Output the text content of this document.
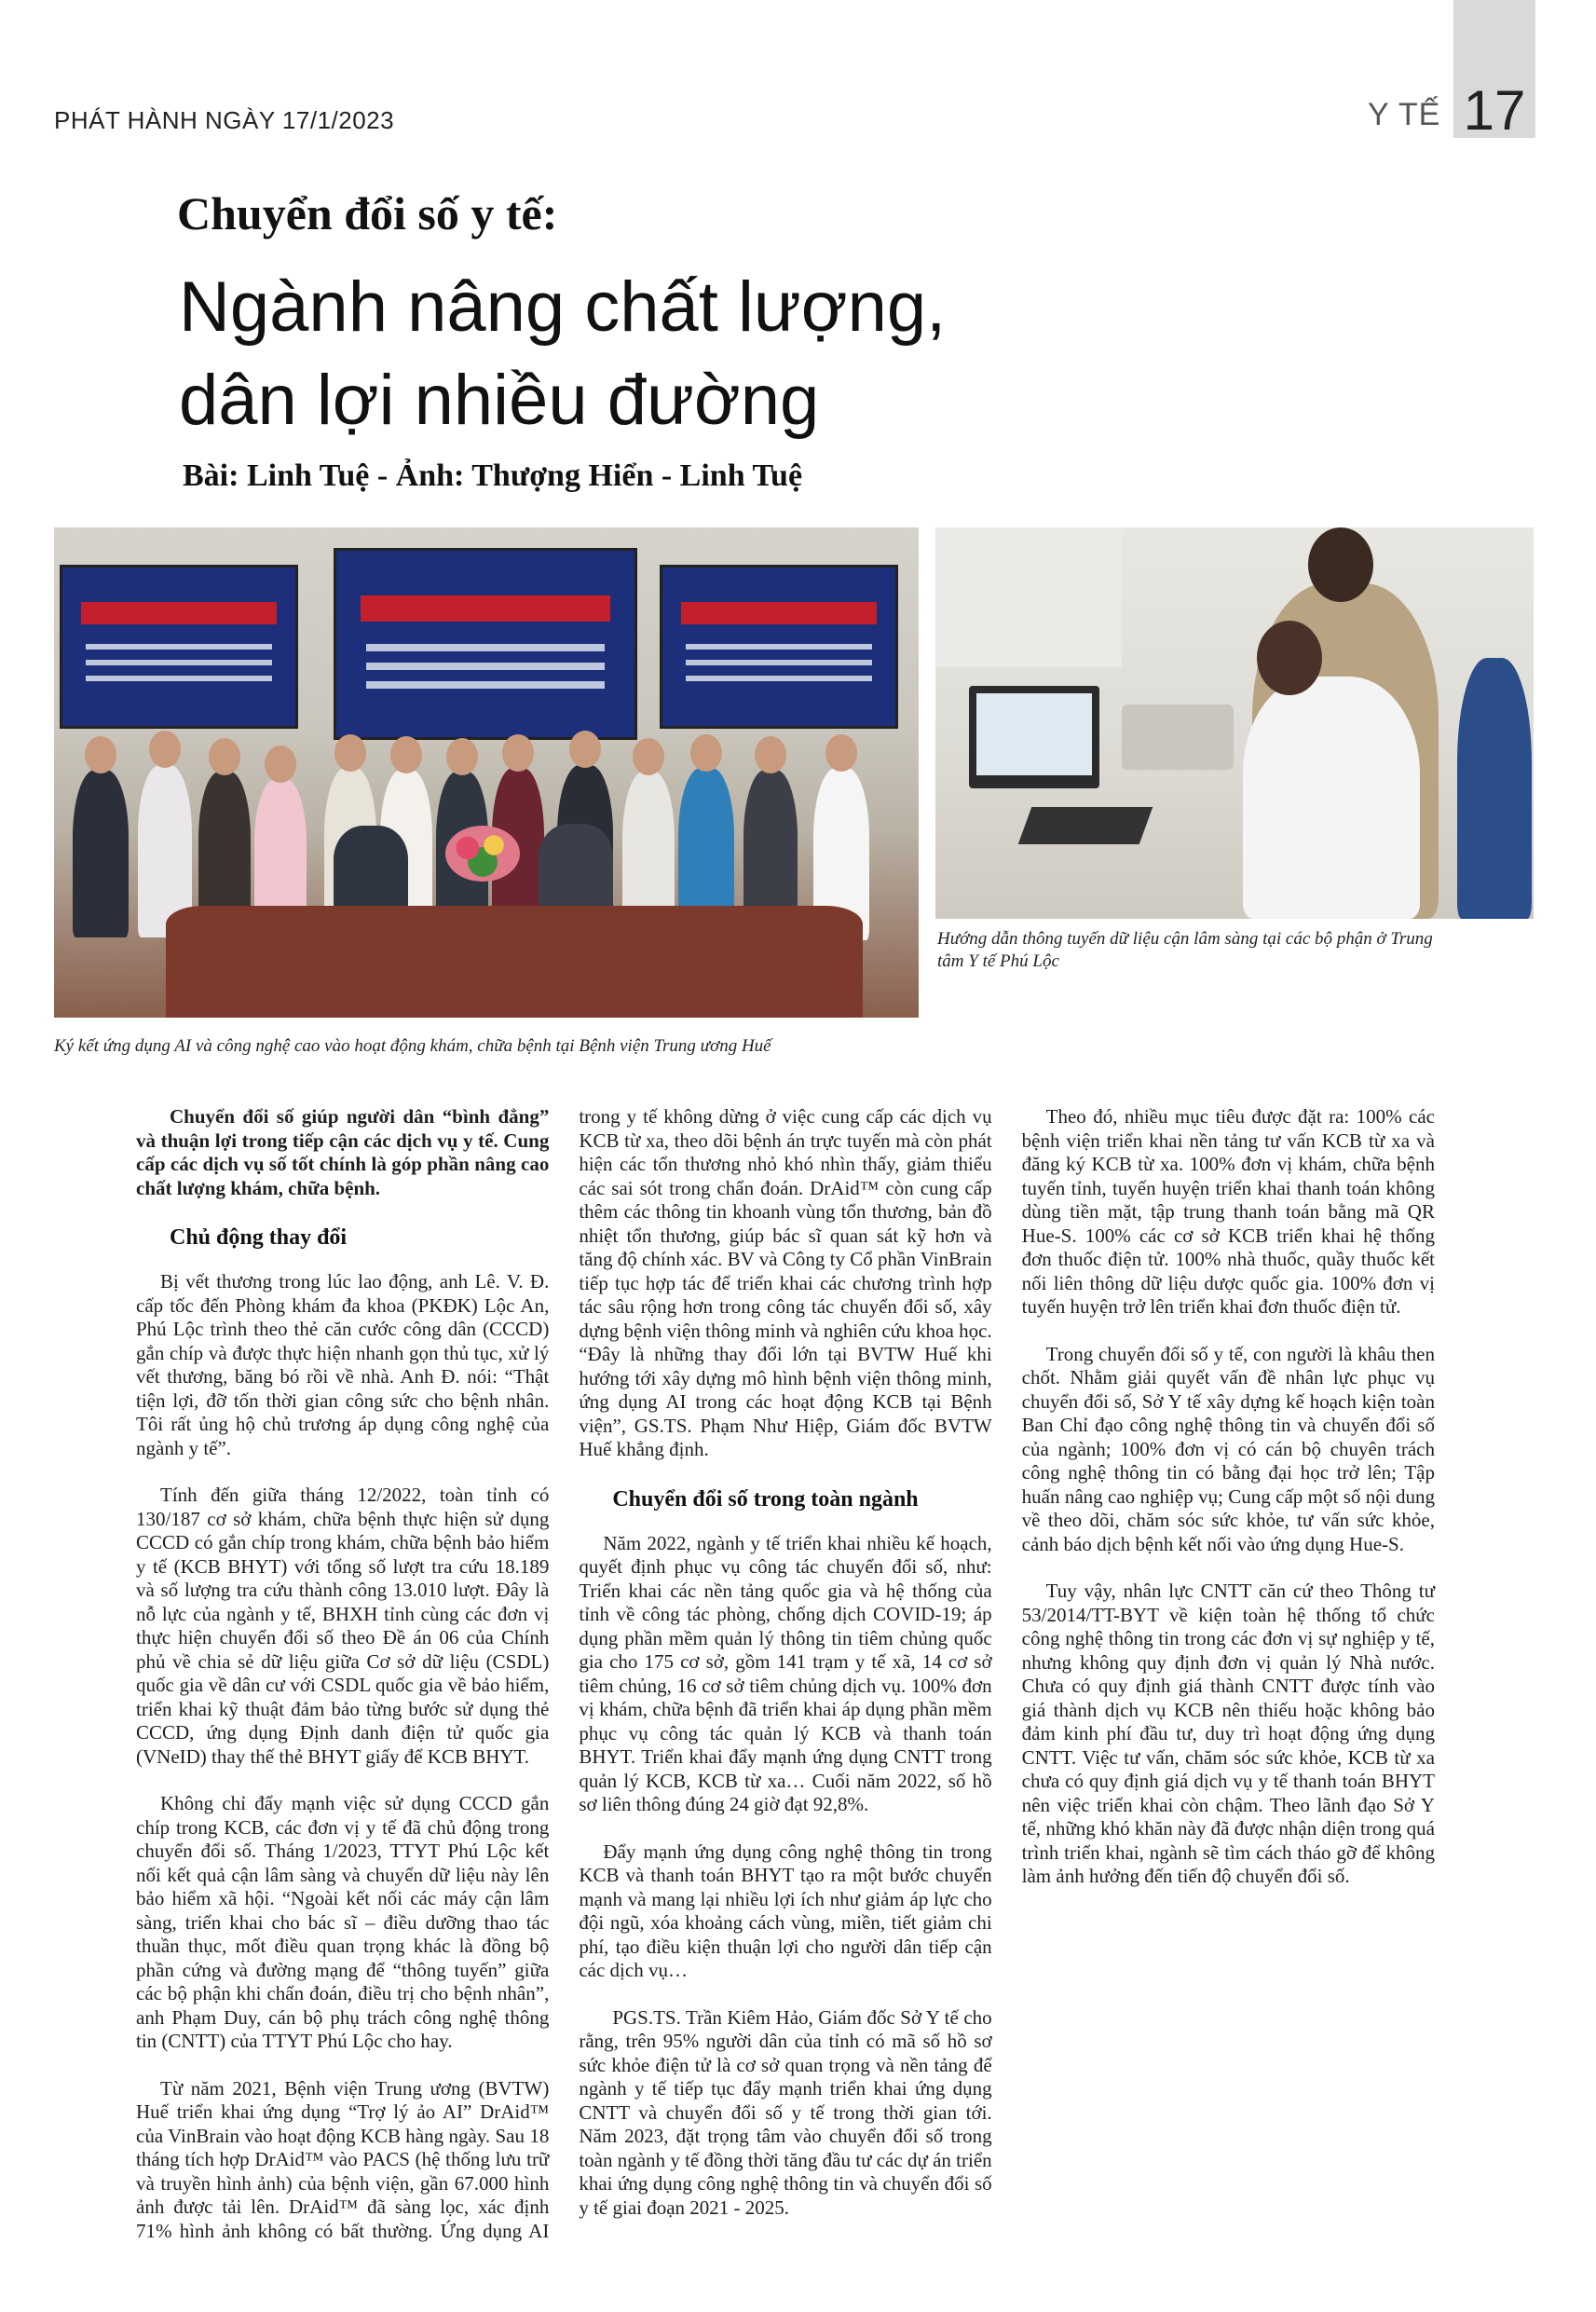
PHÁT HÀNH NGÀY 17/1/2023	Y TẾ 17
Chuyển đổi số y tế:
Ngành nâng chất lượng,
dân lợi nhiều đường
Bài: Linh Tuệ - Ảnh: Thượng Hiển - Linh Tuệ
Ký kết ứng dụng AI và công nghệ cao vào hoạt động khám, chữa bệnh tại Bệnh viện Trung ương Huế
Hướng dẫn thông tuyến dữ liệu cận lâm sàng tại các bộ phận ở Trung tâm Y tế Phú Lộc

Chuyển đổi số giúp người dân “bình đẳng” và thuận lợi trong tiếp cận các dịch vụ y tế. Cung cấp các dịch vụ số tốt chính là góp phần nâng cao chất lượng khám, chữa bệnh.

Chủ động thay đổi

Bị vết thương trong lúc lao động, anh Lê. V. Đ. cấp tốc đến Phòng khám đa khoa (PKĐK) Lộc An, Phú Lộc trình theo thẻ căn cước công dân (CCCD) gắn chíp và được thực hiện nhanh gọn thủ tục, xử lý vết thương, băng bó rồi về nhà. Anh Đ. nói: “Thật tiện lợi, đỡ tốn thời gian công sức cho bệnh nhân. Tôi rất ủng hộ chủ trương áp dụng công nghệ của ngành y tế”.

Tính đến giữa tháng 12/2022, toàn tỉnh có 130/187 cơ sở khám, chữa bệnh thực hiện sử dụng CCCD có gắn chíp trong khám, chữa bệnh bảo hiểm y tế (KCB BHYT) với tổng số lượt tra cứu 18.189 và số lượng tra cứu thành công 13.010 lượt. Đây là nỗ lực của ngành y tế, BHXH tỉnh cùng các đơn vị thực hiện chuyển đổi số theo Đề án 06 của Chính phủ về chia sẻ dữ liệu giữa Cơ sở dữ liệu (CSDL) quốc gia về dân cư với CSDL quốc gia về bảo hiểm, triển khai kỹ thuật đảm bảo từng bước sử dụng thẻ CCCD, ứng dụng Định danh điện tử quốc gia (VNeID) thay thế thẻ BHYT giấy để KCB BHYT.

Không chỉ đẩy mạnh việc sử dụng CCCD gắn chíp trong KCB, các đơn vị y tế đã chủ động trong chuyển đổi số. Tháng 1/2023, TTYT Phú Lộc kết nối kết quả cận lâm sàng và chuyển dữ liệu này lên bảo hiểm xã hội. “Ngoài kết nối các máy cận lâm sàng, triển khai cho bác sĩ – điều dưỡng thao tác thuần thục, mốt điều quan trọng khác là đồng bộ phần cứng và đường mạng để “thông tuyến” giữa các bộ phận khi chẩn đoán, điều trị cho bệnh nhân”, anh Phạm Duy, cán bộ phụ trách công nghệ thông tin (CNTT) của TTYT Phú Lộc cho hay.

Từ năm 2021, Bệnh viện Trung ương (BVTW) Huế triển khai ứng dụng “Trợ lý ảo AI” DrAid™ của VinBrain vào hoạt động KCB hàng ngày. Sau 18 tháng tích hợp DrAid™ vào PACS (hệ thống lưu trữ và truyền hình ảnh) của bệnh viện, gần 67.000 hình ảnh được tải lên. DrAid™ đã sàng lọc, xác định 71% hình ảnh không có bất thường. Ứng dụng AI trong y tế không dừng ở việc cung cấp các dịch vụ KCB từ xa, theo dõi bệnh án trực tuyến mà còn phát hiện các tổn thương nhỏ khó nhìn thấy, giảm thiểu các sai sót trong chẩn đoán. DrAid™ còn cung cấp thêm các thông tin khoanh vùng tổn thương, bản đồ nhiệt tổn thương, giúp bác sĩ quan sát kỹ hơn và tăng độ chính xác. BV và Công ty Cổ phần VinBrain tiếp tục hợp tác để triển khai các chương trình hợp tác sâu rộng hơn trong công tác chuyển đổi số, xây dựng bệnh viện thông minh và nghiên cứu khoa học. “Đây là những thay đổi lớn tại BVTW Huế khi hướng tới xây dựng mô hình bệnh viện thông minh, ứng dụng AI trong các hoạt động KCB tại Bệnh viện”, GS.TS. Phạm Như Hiệp, Giám đốc BVTW Huế khẳng định.

Chuyển đổi số trong toàn ngành

Năm 2022, ngành y tế triển khai nhiều kế hoạch, quyết định phục vụ công tác chuyển đổi số, như: Triển khai các nền tảng quốc gia và hệ thống của tỉnh về công tác phòng, chống dịch COVID-19; áp dụng phần mềm quản lý thông tin tiêm chủng quốc gia cho 175 cơ sở, gồm 141 trạm y tế xã, 14 cơ sở tiêm chủng, 16 cơ sở tiêm chủng dịch vụ. 100% đơn vị khám, chữa bệnh đã triển khai áp dụng phần mềm phục vụ công tác quản lý KCB và thanh toán BHYT. Triển khai đẩy mạnh ứng dụng CNTT trong quản lý KCB, KCB từ xa… Cuối năm 2022, số hồ sơ liên thông đúng 24 giờ đạt 92,8%.

Đẩy mạnh ứng dụng công nghệ thông tin trong KCB và thanh toán BHYT tạo ra một bước chuyển mạnh và mang lại nhiều lợi ích như giảm áp lực cho đội ngũ, xóa khoảng cách vùng, miền, tiết giảm chi phí, tạo điều kiện thuận lợi cho người dân tiếp cận các dịch vụ…

PGS.TS. Trần Kiêm Hảo, Giám đốc Sở Y tế cho rằng, trên 95% người dân của tỉnh có mã số hồ sơ sức khỏe điện tử là cơ sở quan trọng và nền tảng để ngành y tế tiếp tục đẩy mạnh triển khai ứng dụng CNTT và chuyển đổi số y tế trong thời gian tới. Năm 2023, đặt trọng tâm vào chuyển đổi số trong toàn ngành y tế đồng thời tăng đầu tư các dự án triển khai ứng dụng công nghệ thông tin và chuyển đổi số y tế giai đoạn 2021 - 2025.

Theo đó, nhiều mục tiêu được đặt ra: 100% các bệnh viện triển khai nền tảng tư vấn KCB từ xa và đăng ký KCB từ xa. 100% đơn vị khám, chữa bệnh tuyến tỉnh, tuyến huyện triển khai thanh toán không dùng tiền mặt, tập trung thanh toán bằng mã QR Hue-S. 100% các cơ sở KCB triển khai hệ thống đơn thuốc điện tử. 100% nhà thuốc, quầy thuốc kết nối liên thông dữ liệu dược quốc gia. 100% đơn vị tuyến huyện trở lên triển khai đơn thuốc điện tử.

Trong chuyển đổi số y tế, con người là khâu then chốt. Nhằm giải quyết vấn đề nhân lực phục vụ chuyển đổi số, Sở Y tế xây dựng kế hoạch kiện toàn Ban Chỉ đạo công nghệ thông tin và chuyển đổi số của ngành; 100% đơn vị có cán bộ chuyên trách công nghệ thông tin có bằng đại học trở lên; Tập huấn nâng cao nghiệp vụ; Cung cấp một số nội dung về theo dõi, chăm sóc sức khỏe, tư vấn sức khỏe, cảnh báo dịch bệnh kết nối vào ứng dụng Hue-S.

Tuy vậy, nhân lực CNTT căn cứ theo Thông tư 53/2014/TT-BYT về kiện toàn hệ thống tổ chức công nghệ thông tin trong các đơn vị sự nghiệp y tế, nhưng không quy định đơn vị quản lý Nhà nước. Chưa có quy định giá thành CNTT được tính vào giá thành dịch vụ KCB nên thiếu hoặc không bảo đảm kinh phí đầu tư, duy trì hoạt động ứng dụng CNTT. Việc tư vấn, chăm sóc sức khỏe, KCB từ xa chưa có quy định giá dịch vụ y tế thanh toán BHYT nên việc triển khai còn chậm. Theo lãnh đạo Sở Y tế, những khó khăn này đã được nhận diện trong quá trình triển khai, ngành sẽ tìm cách tháo gỡ để không làm ảnh hưởng đến tiến độ chuyển đổi số.
